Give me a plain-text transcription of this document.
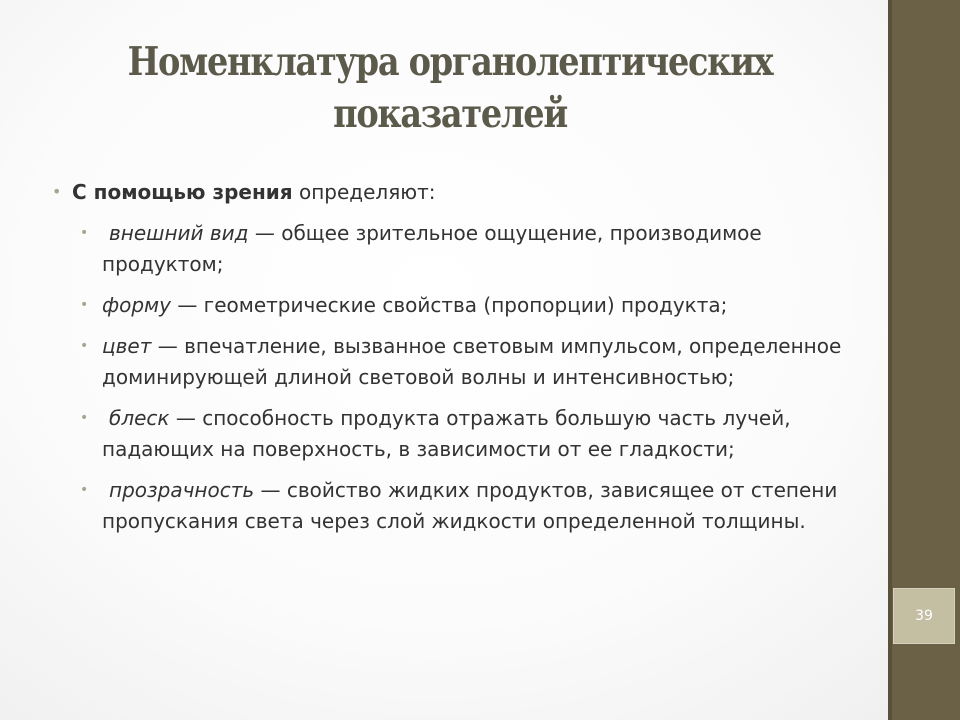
39
Номенклатура органолептических
показателей
• С помощью зрения определяют:
• внешний вид — общее зрительное ощущение, производимое продуктом;
• форму — геометрические свойства (пропорции) продукта;
• цвет — впечатление, вызванное световым импульсом, определенное доминирующей длиной световой волны и интенсивностью;
• блеск — способность продукта отражать большую часть лучей, падающих на поверхность, в зависимости от ее гладкости;
• прозрачность — свойство жидких продуктов, зависящее от степени пропускания света через слой жидкости определенной толщины.
